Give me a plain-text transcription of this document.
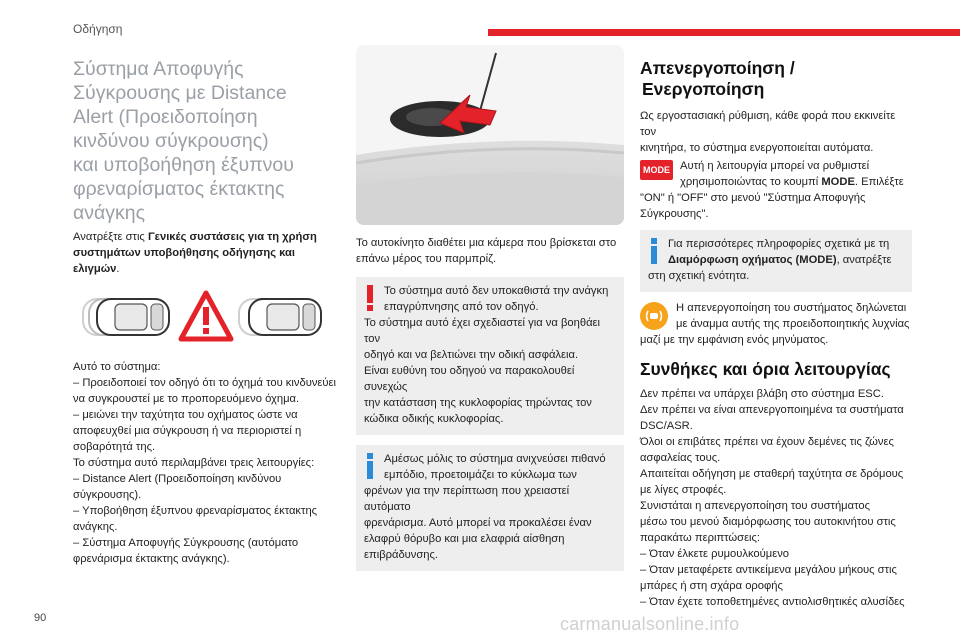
Οδήγηση
Σύστημα Αποφυγής
Σύγκρουσης με Distance
Alert (Προειδοποίηση
κινδύνου σύγκρουσης)
και υποβοήθηση έξυπνου
φρεναρίσματος έκτακτης
ανάγκης
Ανατρέξτε στις Γενικές συστάσεις για τη χρήση συστημάτων υποβοήθησης οδήγησης και ελιγμών.

Αυτό το σύστημα:

– Προειδοποιεί τον οδηγό ότι το όχημά του κινδυνεύει

να συγκρουστεί με το προπορευόμενο όχημα.

– μειώνει την ταχύτητα του οχήματος ώστε να

αποφευχθεί μια σύγκρουση ή να περιοριστεί η

σοβαρότητά της.

Το σύστημα αυτό περιλαμβάνει τρεις λειτουργίες:

– Distance Alert (Προειδοποίηση κινδύνου

σύγκρουσης).

– Υποβοήθηση έξυπνου φρεναρίσματος έκτακτης

ανάγκης.

– Σύστημα Αποφυγής Σύγκρουσης (αυτόματο

φρενάρισμα έκτακτης ανάγκης).

Το αυτοκίνητο διαθέτει μια κάμερα που βρίσκεται στο
επάνω μέρος του παρμπρίζ.

Το σύστημα αυτό δεν υποκαθιστά την ανάγκη

επαγρύπνησης από τον οδηγό.

Το σύστημα αυτό έχει σχεδιαστεί για να βοηθάει τον

οδηγό και να βελτιώνει την οδική ασφάλεια.

Είναι ευθύνη του οδηγού να παρακολουθεί συνεχώς

την κατάσταση της κυκλοφορίας τηρώντας τον

κώδικα οδικής κυκλοφορίας.

Αμέσως μόλις το σύστημα ανιχνεύσει πιθανό

εμπόδιο, προετοιμάζει το κύκλωμα των

φρένων για την περίπτωση που χρειαστεί αυτόματο

φρενάρισμα. Αυτό μπορεί να προκαλέσει έναν

ελαφρύ θόρυβο και μια ελαφριά αίσθηση

επιβράδυνσης.

Απενεργοποίηση /
Ενεργοποίηση
Ως εργοστασιακή ρύθμιση, κάθε φορά που εκκινείτε τον
κινητήρα, το σύστημα ενεργοποιείται αυτόματα.
MODE Αυτή η λειτουργία μπορεί να ρυθμιστεί
χρησιμοποιώντας το κουμπί MODE. Επιλέξτε
"ON" ή "OFF" στο μενού "Σύστημα Αποφυγής
Σύγκρουσης".

Για περισσότερες πληροφορίες σχετικά με τη

Διαμόρφωση οχήματος (MODE), ανατρέξτε

στη σχετική ενότητα.

Η απενεργοποίηση του συστήματος δηλώνεται
με άναμμα αυτής της προειδοποιητικής λυχνίας
μαζί με την εμφάνιση ενός μηνύματος.
Συνθήκες και όρια λειτουργίας
Δεν πρέπει να υπάρχει βλάβη στο σύστημα ESC.
Δεν πρέπει να είναι απενεργοποιημένα τα συστήματα
DSC/ASR.
Όλοι οι επιβάτες πρέπει να έχουν δεμένες τις ζώνες
ασφαλείας τους.
Απαιτείται οδήγηση με σταθερή ταχύτητα σε δρόμους
με λίγες στροφές.
Συνιστάται η απενεργοποίηση του συστήματος
μέσω του μενού διαμόρφωσης του αυτοκινήτου στις
παρακάτω περιπτώσεις:
– Όταν έλκετε ρυμουλκούμενο
– Όταν μεταφέρετε αντικείμενα μεγάλου μήκους στις
μπάρες ή στη σχάρα οροφής
– Όταν έχετε τοποθετημένες αντιολισθητικές αλυσίδες
90	carmanualsonline.info
